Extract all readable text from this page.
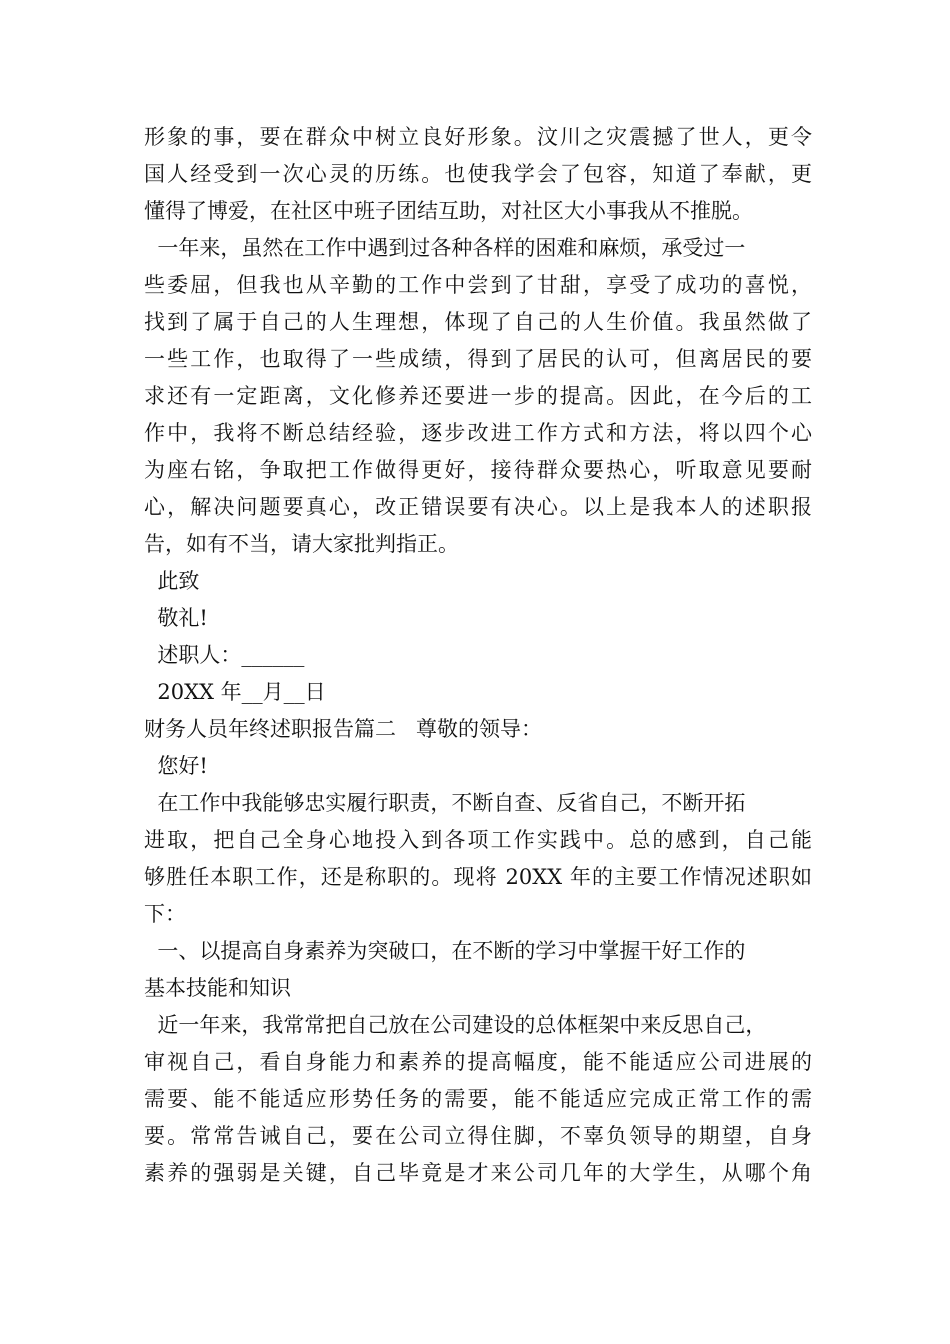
形象的事，要在群众中树立良好形象。汶川之灾震撼了世人，更令
国人经受到一次心灵的历练。也使我学会了包容，知道了奉献，更
懂得了博爱，在社区中班子团结互助，对社区大小事我从不推脱。
一年来，虽然在工作中遇到过各种各样的困难和麻烦，承受过一
些委屈，但我也从辛勤的工作中尝到了甘甜，享受了成功的喜悦，
找到了属于自己的人生理想，体现了自己的人生价值。我虽然做了
一些工作，也取得了一些成绩，得到了居民的认可，但离居民的要
求还有一定距离，文化修养还要进一步的提高。因此，在今后的工
作中，我将不断总结经验，逐步改进工作方式和方法，将以四个心
为座右铭，争取把工作做得更好，接待群众要热心，听取意见要耐
心，解决问题要真心，改正错误要有决心。以上是我本人的述职报
告，如有不当，请大家批判指正。
此致
敬礼!
述职人：______
20XX 年__月__日
财务人员年终述职报告篇二   尊敬的领导：
您好!
在工作中我能够忠实履行职责，不断自查、反省自己，不断开拓
进取，把自己全身心地投入到各项工作实践中。总的感到，自己能
够胜任本职工作，还是称职的。现将 20XX 年的主要工作情况述职如
下：
一、以提高自身素养为突破口，在不断的学习中掌握干好工作的
基本技能和知识
近一年来，我常常把自己放在公司建设的总体框架中来反思自己，
审视自己，看自身能力和素养的提高幅度，能不能适应公司进展的
需要、能不能适应形势任务的需要，能不能适应完成正常工作的需
要。常常告诫自己，要在公司立得住脚，不辜负领导的期望，自身
素养的强弱是关键，自己毕竟是才来公司几年的大学生，从哪个角
